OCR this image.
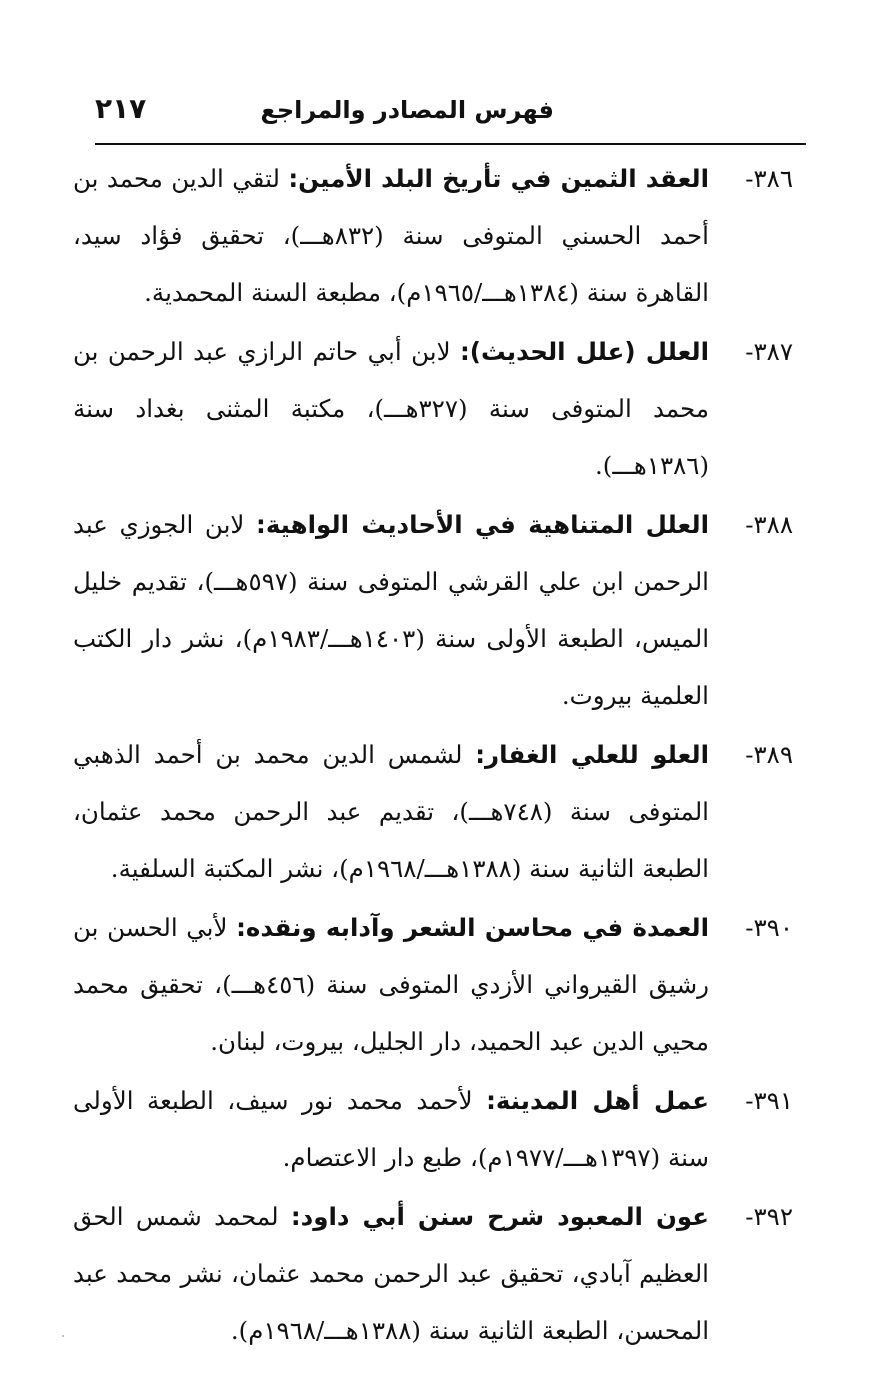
فهرس المصادر والمراجع
٢١٧
٣٨٦-
العقد الثمين في تأريخ البلد الأمين: لتقي الدين محمد بن أحمد الحسني المتوفى سنة (٨٣٢هـــ)، تحقيق فؤاد سيد، القاهرة سنة (١٣٨٤هـــ/١٩٦٥م)، مطبعة السنة المحمدية.
٣٨٧-
العلل (علل الحديث): لابن أبي حاتم الرازي عبد الرحمن بن محمد المتوفى سنة (٣٢٧هـــ)، مكتبة المثنى بغداد سنة (١٣٨٦هـــ).
٣٨٨-
العلل المتناهية في الأحاديث الواهية: لابن الجوزي عبد الرحمن ابن علي القرشي المتوفى سنة (٥٩٧هـــ)، تقديم خليل الميس، الطبعة الأولى سنة (١٤٠٣هـــ/١٩٨٣م)، نشر دار الكتب العلمية بيروت.
٣٨٩-
العلو للعلي الغفار: لشمس الدين محمد بن أحمد الذهبي المتوفى سنة (٧٤٨هـــ)، تقديم عبد الرحمن محمد عثمان، الطبعة الثانية سنة (١٣٨٨هـــ/١٩٦٨م)، نشر المكتبة السلفية.
٣٩٠-
العمدة في محاسن الشعر وآدابه ونقده: لأبي الحسن بن رشيق القيرواني الأزدي المتوفى سنة (٤٥٦هـــ)، تحقيق محمد محيي الدين عبد الحميد، دار الجليل، بيروت، لبنان.
٣٩١-
عمل أهل المدينة: لأحمد محمد نور سيف، الطبعة الأولى سنة (١٣٩٧هـــ/١٩٧٧م)، طبع دار الاعتصام.
٣٩٢-
عون المعبود شرح سنن أبي داود: لمحمد شمس الحق العظيم آبادي، تحقيق عبد الرحمن محمد عثمان، نشر محمد عبد المحسن، الطبعة الثانية سنة (١٣٨٨هـــ/١٩٦٨م).
